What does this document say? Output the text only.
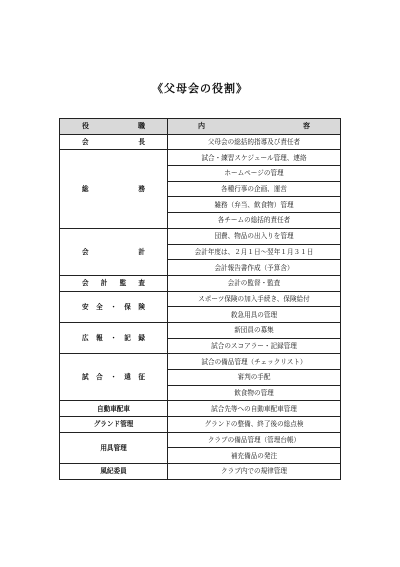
《父母会の役割》
役 職	内 容

会 長	父母会の総括的指導及び責任者

総 務	試合・練習スケジュール管理、連絡
	ホームページの管理
	各種行事の企画、運営
	雑務（弁当、飲食物）管理
	各チームの総括的責任者

会 計	団費、物品の出入りを管理
	会計年度は、２月１日〜翌年１月３１日
	会計報告書作成（予算含）

会 計 監 査	会計の監督・監査

安 全 ・ 保 険	スポーツ保険の加入手続き、保険給付
	救急用具の管理

広 報 ・ 記 録	新団員の募集
	試合のスコアラー・記録管理

試 合 ・ 遠 征	試合の備品管理（チェックリスト）
	審判の手配
	飲食物の管理

自動車配車	試合先等への自動車配車管理

グランド管理	グランドの整備、終了後の総点検

用具管理	クラブの備品管理（管理台帳）
	補充備品の発注

風紀委員	クラブ内での規律管理
